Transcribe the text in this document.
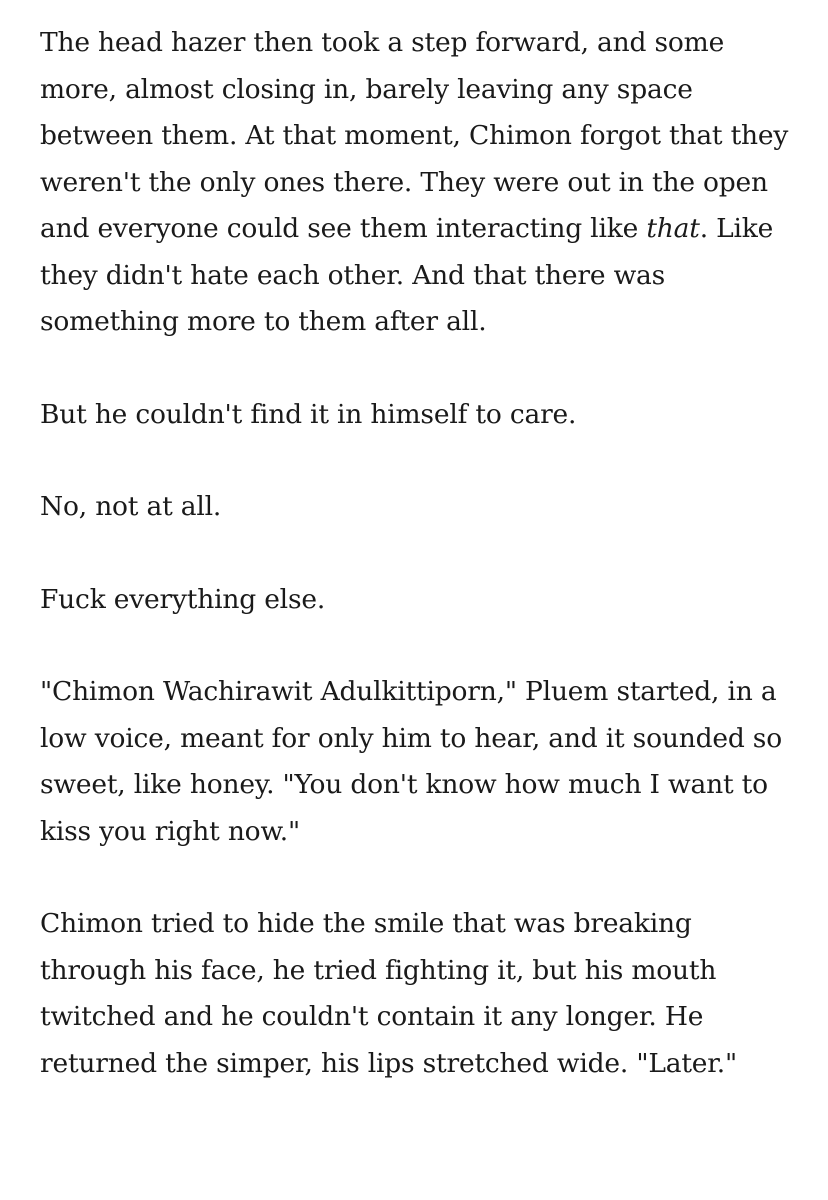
The head hazer then took a step forward, and some more, almost closing in, barely leaving any space between them. At that moment, Chimon forgot that they weren't the only ones there. They were out in the open and everyone could see them interacting like that. Like they didn't hate each other. And that there was something more to them after all.

But he couldn't find it in himself to care.

No, not at all.

Fuck everything else.

"Chimon Wachirawit Adulkittiporn," Pluem started, in a low voice, meant for only him to hear, and it sounded so sweet, like honey. "You don't know how much I want to kiss you right now."

Chimon tried to hide the smile that was breaking through his face, he tried fighting it, but his mouth twitched and he couldn't contain it any longer. He returned the simper, his lips stretched wide. "Later."
